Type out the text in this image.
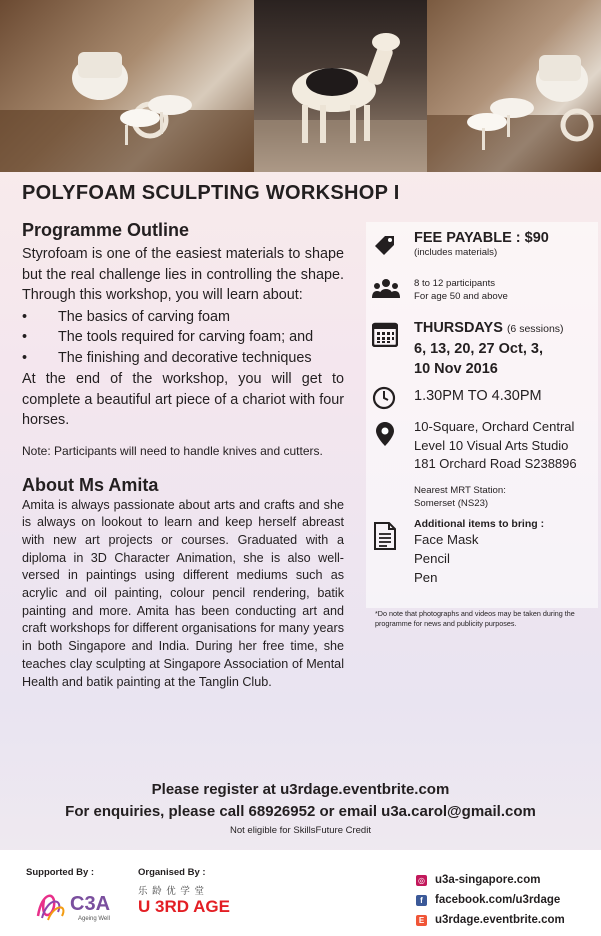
POLYFOAM SCULPTING WORKSHOP I
Programme Outline
Styrofoam is one of the easiest materials to shape but the real challenge lies in controlling the shape. Through this workshop, you will learn about:
•	The basics of carving foam
•	The tools required for carving foam; and
•	The finishing and decorative techniques
At the end of the workshop, you will get to complete a beautiful art piece of a chariot with four horses.
Note: Participants will need to handle knives and cutters.
About Ms Amita
Amita is always passionate about arts and crafts and she is always on lookout to learn and keep herself abreast with new art projects or courses. Graduated with a diploma in 3D Character Animation, she is also well-versed in paintings using different mediums such as acrylic and oil painting, colour pencil rendering, batik painting and more. Amita has been conducting art and craft workshops for different organisations for many years in both Singapore and India. During her free time, she teaches clay sculpting at Singapore Association of Mental Health and batik painting at the Tanglin Club.
FEE PAYABLE : $90
(includes materials)
8 to 12 participants
For age 50 and above
THURSDAYS (6 sessions)
6, 13, 20, 27 Oct, 3,
10 Nov 2016
1.30PM TO 4.30PM
10-Square, Orchard Central
Level 10 Visual Arts Studio
181 Orchard Road S238896
Nearest MRT Station:
Somerset (NS23)
Additional items to bring :
Face Mask
Pencil
Pen
*Do note that photographs and videos may be taken during the programme for news and publicity purposes.
Please register at u3rdage.eventbrite.com
For enquiries, please call 68926952 or email u3a.carol@gmail.com
Not eligible for SkillsFuture Credit
Supported By :	Organised By :
C3A
Ageing Well
乐 龄 优 学 堂
U 3RD AGE
◎ u3a-singapore.com
f	facebook.com/u3rdage
E u3rdage.eventbrite.com
